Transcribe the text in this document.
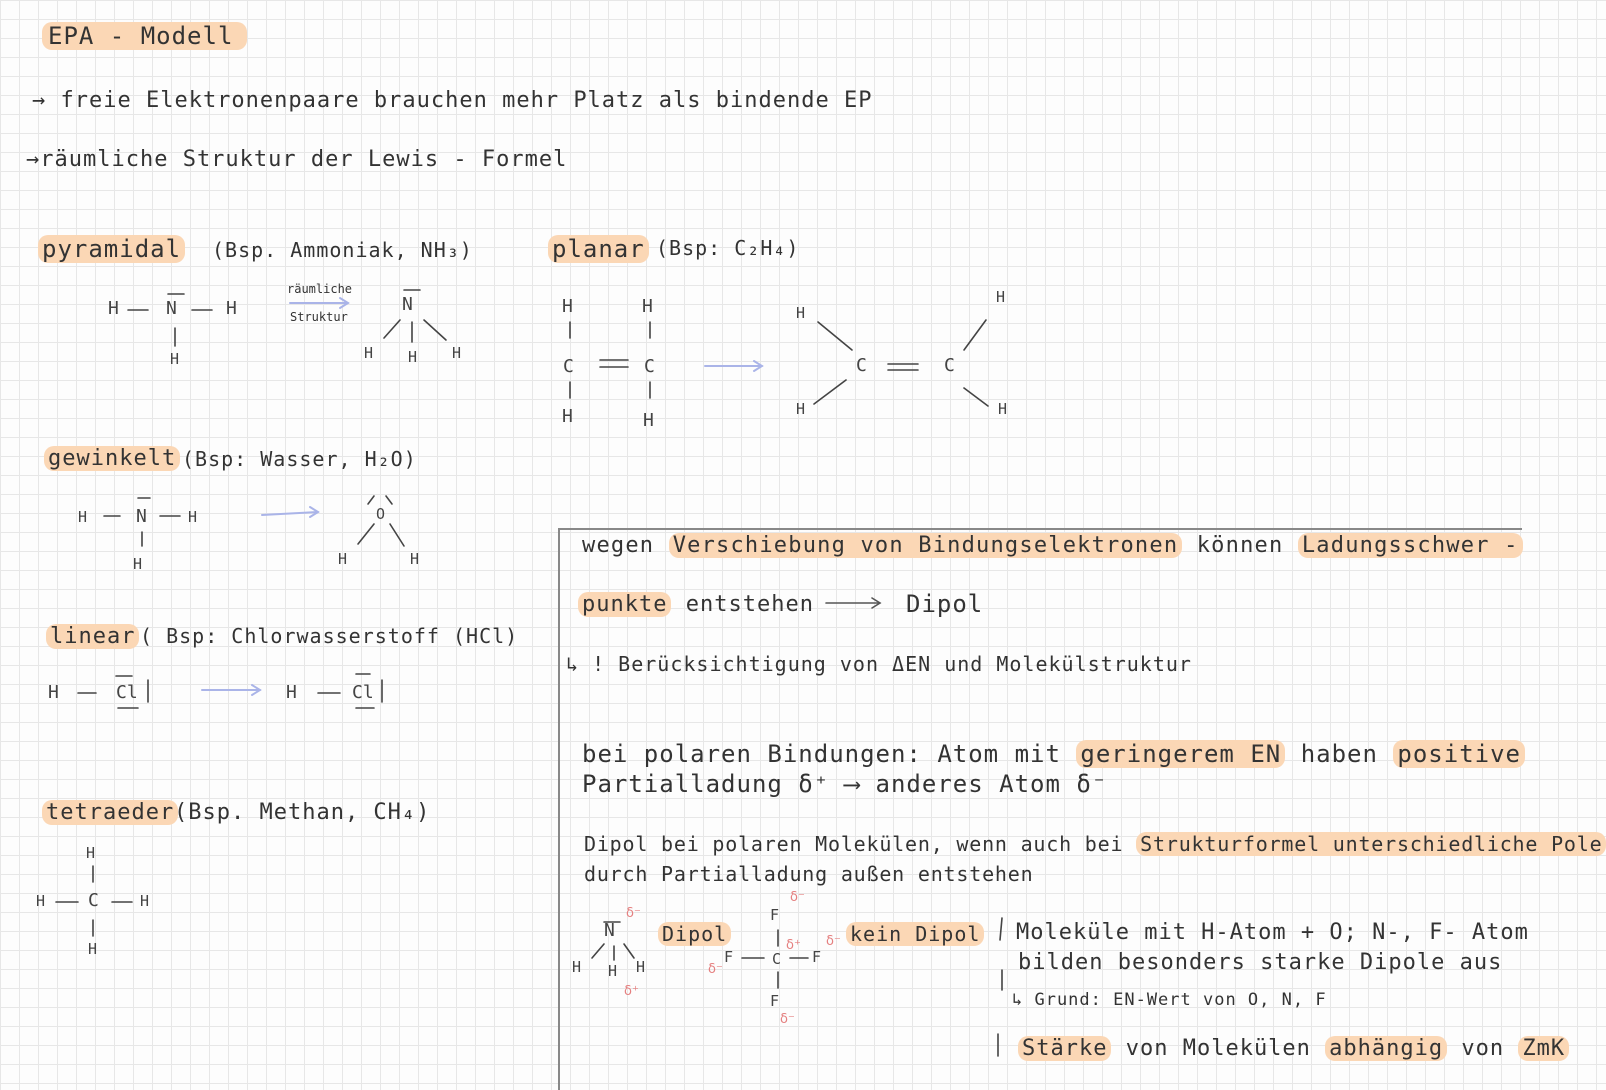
EPA - Modell
→ freie Elektronenpaare brauchen mehr Platz als bindende EP
→räumliche Struktur der Lewis - Formel
pyramidal (Bsp. Ammoniak, NH₃)
H	N	H
H
räumliche
Struktur
N
H H H
planar (Bsp: C₂H₄)
H
C
H
H
C
H
H
H
C	C
H
H
gewinkelt (Bsp: Wasser, H₂O)
H	N	H
H
O
H	H
linear ( Bsp: Chlorwasserstoff (HCl)
H	Cl	H	Cl
tetraeder (Bsp. Methan, CH₄)
H
H C	H
H
wegen Verschiebung von Bindungselektronen können Ladungsschwer -
punkte entstehen	Dipol
↳ ! Berücksichtigung von ΔEN und Molekülstruktur
bei polaren Bindungen: Atom mit geringerem EN haben positive
Partialladung δ⁺ ⟶ anderes Atom δ⁻
Dipol bei polaren Molekülen, wenn auch bei Strukturformel unterschiedliche Pole
durch Partialladung außen entstehen
N
H H H
δ⁻
δ⁺
Dipol
F
F	C F
F
δ⁻
δ⁻
δ⁻
δ⁻
δ⁺ kein Dipol Moleküle mit H-Atom + O; N-, F- Atom
bilden besonders starke Dipole aus
↳ Grund: EN-Wert von O, N, F
Stärke von Molekülen abhängig von ZmK
